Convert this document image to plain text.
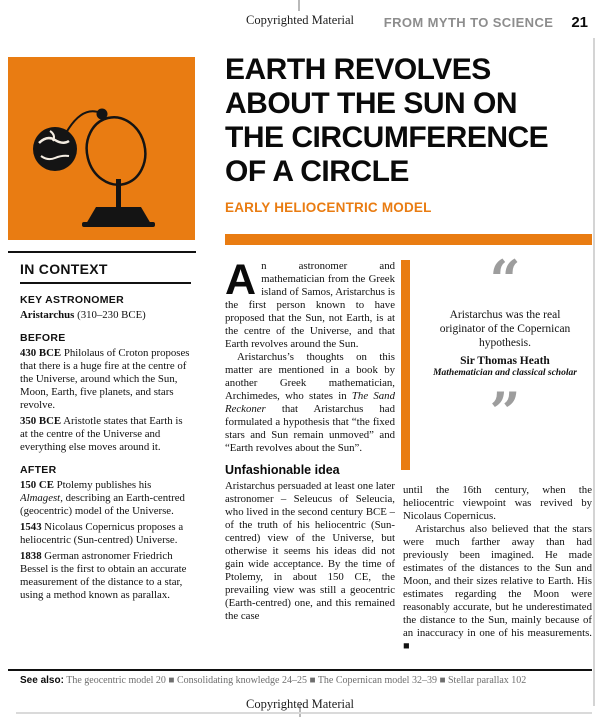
Copyrighted Material	FROM MYTH TO SCIENCE 21
EARTH REVOLVES
ABOUT THE SUN ON
THE CIRCUMFERENCE
OF A CIRCLE
EARLY HELIOCENTRIC MODEL
IN CONTEXT
KEY ASTRONOMER

Aristarchus (310–230 BCE)

BEFORE

430 BCE Philolaus of Croton proposes that there is a huge fire at the centre of the Universe, around which the Sun, Moon, Earth, five planets, and stars revolve.

350 BCE Aristotle states that Earth is at the centre of the Universe and everything else moves around it.

AFTER

150 CE Ptolemy publishes his Almagest, describing an Earth-centred (geocentric) model of the Universe.

1543 Nicolaus Copernicus proposes a heliocentric (Sun-centred) Universe.

1838 German astronomer Friedrich Bessel is the first to obtain an accurate measurement of the distance to a star, using a method known as parallax.

An astronomer and mathematician from the Greek island of Samos, Aristarchus is the first person known to have proposed that the Sun, not Earth, is at the centre of the Universe, and that Earth revolves around the Sun.

Aristarchus’s thoughts on this matter are mentioned in a book by another Greek mathematician, Archimedes, who states in The Sand Reckoner that Aristarchus had formulated a hypothesis that “the fixed stars and Sun remain unmoved” and “Earth revolves about the Sun”.

Unfashionable idea

Aristarchus persuaded at least one later astronomer – Seleucus of Seleucia, who lived in the second century BCE – of the truth of his heliocentric (Sun-centred) view of the Universe, but otherwise it seems his ideas did not gain wide acceptance. By the time of Ptolemy, in about 150 CE, the prevailing view was still a geocentric (Earth-centred) one, and this remained the case

“
Aristarchus was the real originator of the Copernican hypothesis.
Sir Thomas Heath
Mathematician and classical scholar
”

until the 16th century, when the heliocentric viewpoint was revived by Nicolaus Copernicus.

Aristarchus also believed that the stars were much farther away than had previously been imagined. He made estimates of the distances to the Sun and Moon, and their sizes relative to Earth. His estimates regarding the Moon were reasonably accurate, but he underestimated the distance to the Sun, mainly because of an inaccuracy in one of his measurements. ■

See also: The geocentric model 20 ■ Consolidating knowledge 24–25 ■ The Copernican model 32–39 ■ Stellar parallax 102
Copyrighted Material
